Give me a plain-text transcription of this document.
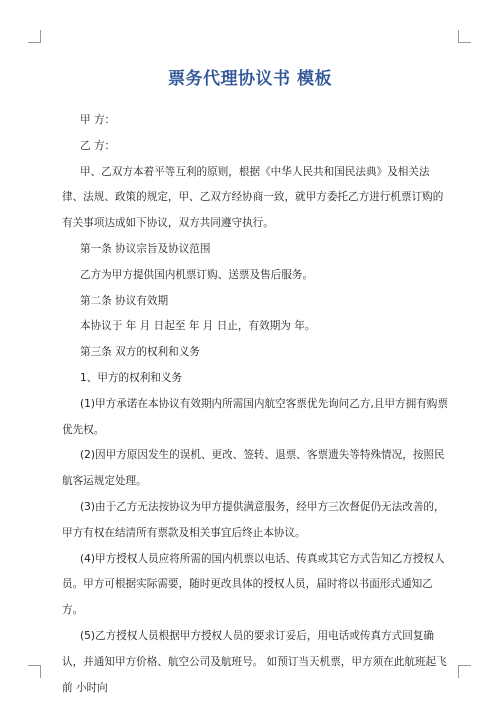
票务代理协议书 模板

甲 方：

乙 方：

甲、乙双方本着平等互利的原则，根据《中华人民共和国民法典》及相关法律、法规、政策的规定，甲、乙双方经协商一致，就甲方委托乙方进行机票订购的有关事项达成如下协议，双方共同遵守执行。

第一条 协议宗旨及协议范围

乙方为甲方提供国内机票订购、送票及售后服务。

第二条 协议有效期

本协议于 年 月 日起至 年 月 日止，有效期为 年。

第三条 双方的权利和义务

1、甲方的权利和义务

(1)甲方承诺在本协议有效期内所需国内航空客票优先询问乙方,且甲方拥有购票优先权。

(2)因甲方原因发生的误机、更改、签转、退票、客票遗失等特殊情况，按照民航客运规定处理。

(3)由于乙方无法按协议为甲方提供满意服务，经甲方三次督促仍无法改善的，甲方有权在结清所有票款及相关事宜后终止本协议。

(4)甲方授权人员应将所需的国内机票以电话、传真或其它方式告知乙方授权人员。甲方可根据实际需要，随时更改具体的授权人员，届时将以书面形式通知乙方。

(5)乙方授权人员根据甲方授权人员的要求订妥后，用电话或传真方式回复确认，并通知甲方价格、航空公司及航班号。 如预订当天机票，甲方须在此航班起飞前 小时向
